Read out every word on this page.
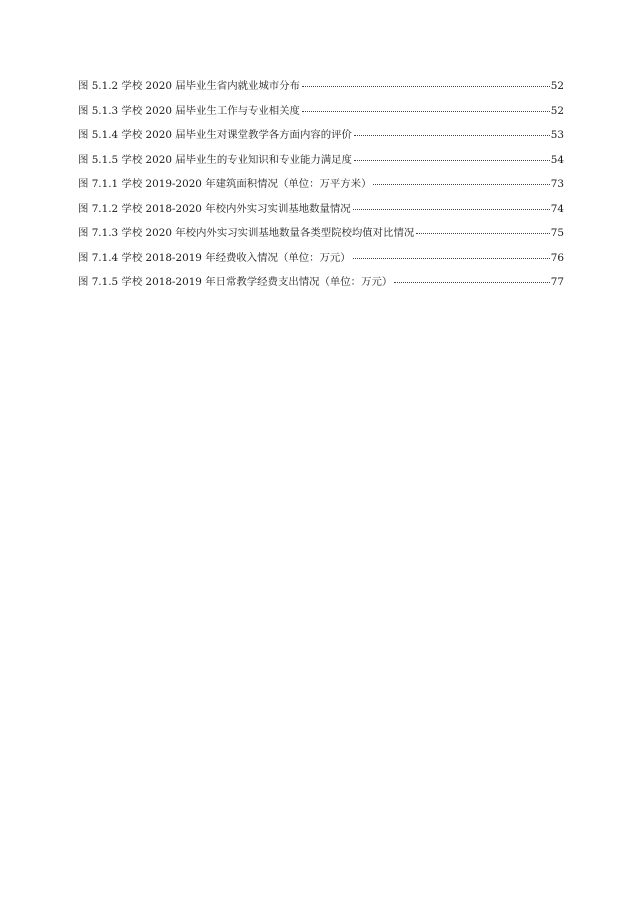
图 5.1.2 学校 2020 届毕业生省内就业城市分布	52
图 5.1.3 学校 2020 届毕业生工作与专业相关度	52
图 5.1.4 学校 2020 届毕业生对课堂教学各方面内容的评价	53
图 5.1.5 学校 2020 届毕业生的专业知识和专业能力满足度	54
图 7.1.1 学校 2019-2020 年建筑面积情况（单位：万平方米）	73
图 7.1.2 学校 2018-2020 年校内外实习实训基地数量情况	74
图 7.1.3 学校 2020 年校内外实习实训基地数量各类型院校均值对比情况	75
图 7.1.4 学校 2018-2019 年经费收入情况（单位：万元）	76
图 7.1.5 学校 2018-2019 年日常教学经费支出情况（单位：万元）	77
